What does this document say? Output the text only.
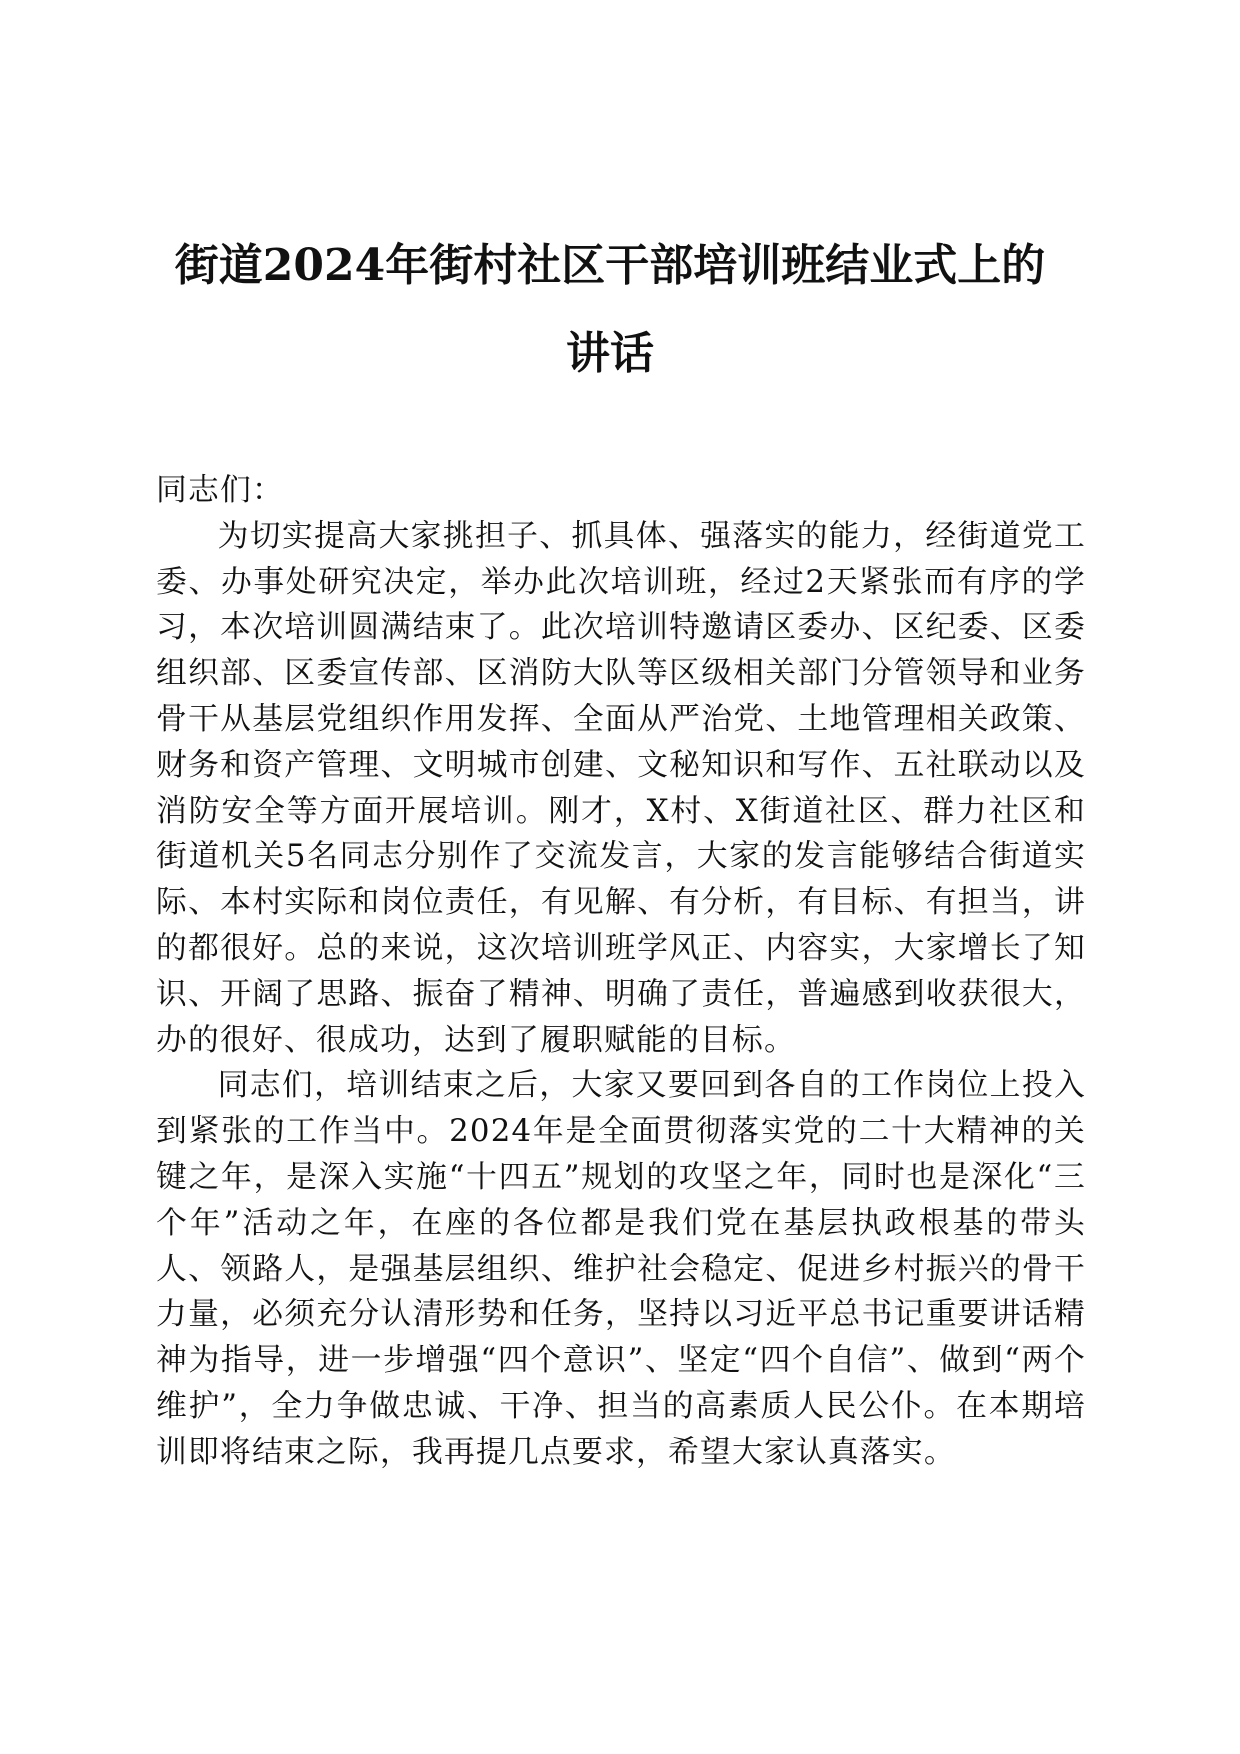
街道2024年街村社区干部培训班结业式上的
讲话

同志们：

为切实提高大家挑担子、抓具体、强落实的能力，经街道党工委、办事处研究决定，举办此次培训班，经过2天紧张而有序的学习，本次培训圆满结束了。此次培训特邀请区委办、区纪委、区委组织部、区委宣传部、区消防大队等区级相关部门分管领导和业务骨干从基层党组织作用发挥、全面从严治党、土地管理相关政策、财务和资产管理、文明城市创建、文秘知识和写作、五社联动以及消防安全等方面开展培训。刚才，X村、X街道社区、群力社区和街道机关5名同志分别作了交流发言，大家的发言能够结合街道实际、本村实际和岗位责任，有见解、有分析，有目标、有担当，讲的都很好。总的来说，这次培训班学风正、内容实，大家增长了知识、开阔了思路、振奋了精神、明确了责任，普遍感到收获很大，办的很好、很成功，达到了履职赋能的目标。

同志们，培训结束之后，大家又要回到各自的工作岗位上投入到紧张的工作当中。2024年是全面贯彻落实党的二十大精神的关键之年，是深入实施“十四五”规划的攻坚之年，同时也是深化“三个年”活动之年，在座的各位都是我们党在基层执政根基的带头人、领路人，是强基层组织、维护社会稳定、促进乡村振兴的骨干力量，必须充分认清形势和任务，坚持以习近平总书记重要讲话精神为指导，进一步增强“四个意识”、坚定“四个自信”、做到“两个维护”，全力争做忠诚、干净、担当的高素质人民公仆。在本期培训即将结束之际，我再提几点要求，希望大家认真落实。
